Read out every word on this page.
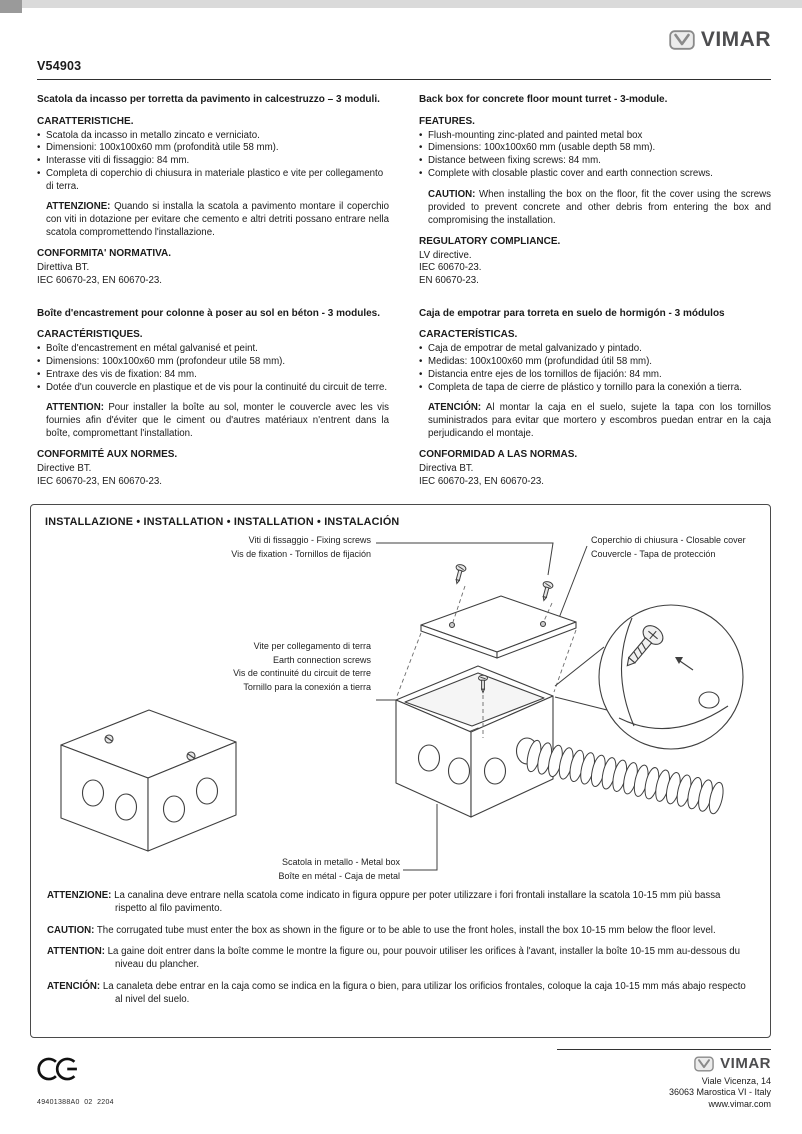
V54903
VIMAR
Scatola da incasso per torretta da pavimento in calcestruzzo – 3 moduli.
CARATTERISTICHE.
• Scatola da incasso in metallo zincato e verniciato.
• Dimensioni: 100x100x60 mm (profondità utile 58 mm).
• Interasse viti di fissaggio: 84 mm.
• Completa di coperchio di chiusura in materiale plastico e vite per collegamento di terra.

ATTENZIONE: Quando si installa la scatola a pavimento montare il coperchio con viti in dotazione per evitare che cemento e altri detriti possano entrare nella scatola compromettendo l'installazione.

CONFORMITA' NORMATIVA.

Direttiva BT.

IEC 60670-23, EN 60670-23.

Back box for concrete floor mount turret - 3-module.
FEATURES.
• Flush-mounting zinc-plated and painted metal box
• Dimensions: 100x100x60 mm (usable depth 58 mm).
• Distance between fixing screws: 84 mm.
• Complete with closable plastic cover and earth connection screws.

CAUTION: When installing the box on the floor, fit the cover using the screws provided to prevent concrete and other debris from entering the box and compromising the installation.

REGULATORY COMPLIANCE.

LV directive.

IEC 60670-23.

EN 60670-23.

Boîte d'encastrement pour colonne à poser au sol en béton - 3 modules.
CARACTÉRISTIQUES.
• Boîte d'encastrement en métal galvanisé et peint.
• Dimensions: 100x100x60 mm (profondeur utile 58 mm).
• Entraxe des vis de fixation: 84 mm.
• Dotée d'un couvercle en plastique et de vis pour la continuité du circuit de terre.

ATTENTION: Pour installer la boîte au sol, monter le couvercle avec les vis fournies afin d'éviter que le ciment ou d'autres matériaux n'entrent dans la boîte, compromettant l'installation.

CONFORMITÉ AUX NORMES.

Directive BT.

IEC 60670-23, EN 60670-23.

Caja de empotrar para torreta en suelo de hormigón - 3 módulos
CARACTERÍSTICAS.
• Caja de empotrar de metal galvanizado y pintado.
• Medidas: 100x100x60 mm (profundidad útil 58 mm).
• Distancia entre ejes de los tornillos de fijación: 84 mm.
• Completa de tapa de cierre de plástico y tornillo para la conexión a tierra.

ATENCIÓN: Al montar la caja en el suelo, sujete la tapa con los tornillos suministrados para evitar que mortero y escombros puedan entrar en la caja perjudicando el montaje.

CONFORMIDAD A LAS NORMAS.

Directiva BT.

IEC 60670-23, EN 60670-23.

INSTALLAZIONE • INSTALLATION • INSTALLATION • INSTALACIÓN
Viti di fissaggio - Fixing screws
Vis de fixation - Tornillos de fijación
Coperchio di chiusura - Closable cover
Couvercle - Tapa de protección
Vite per collegamento di terra
Earth connection screws
Vis de continuité du circuit de terre
Tornillo para la conexión a tierra
Scatola in metallo - Metal box
Boîte en métal - Caja de metal

ATTENZIONE: La canalina deve entrare nella scatola come indicato in figura oppure per poter utilizzare i fori frontali installare la scatola 10-15 mm più bassa rispetto al filo pavimento.

CAUTION: The corrugated tube must enter the box as shown in the figure or to be able to use the front holes, install the box 10-15 mm below the floor level.

ATTENTION: La gaine doit entrer dans la boîte comme le montre la figure ou, pour pouvoir utiliser les orifices à l'avant, installer la boîte 10-15 mm au-dessous du niveau du plancher.

ATENCIÓN: La canaleta debe entrar en la caja como se indica en la figura o bien, para utilizar los orificios frontales, coloque la caja 10-15 mm más abajo respecto al nivel del suelo.

49401388A0  02  2204
VIMAR
Viale Vicenza, 14
36063 Marostica VI - Italy
www.vimar.com
